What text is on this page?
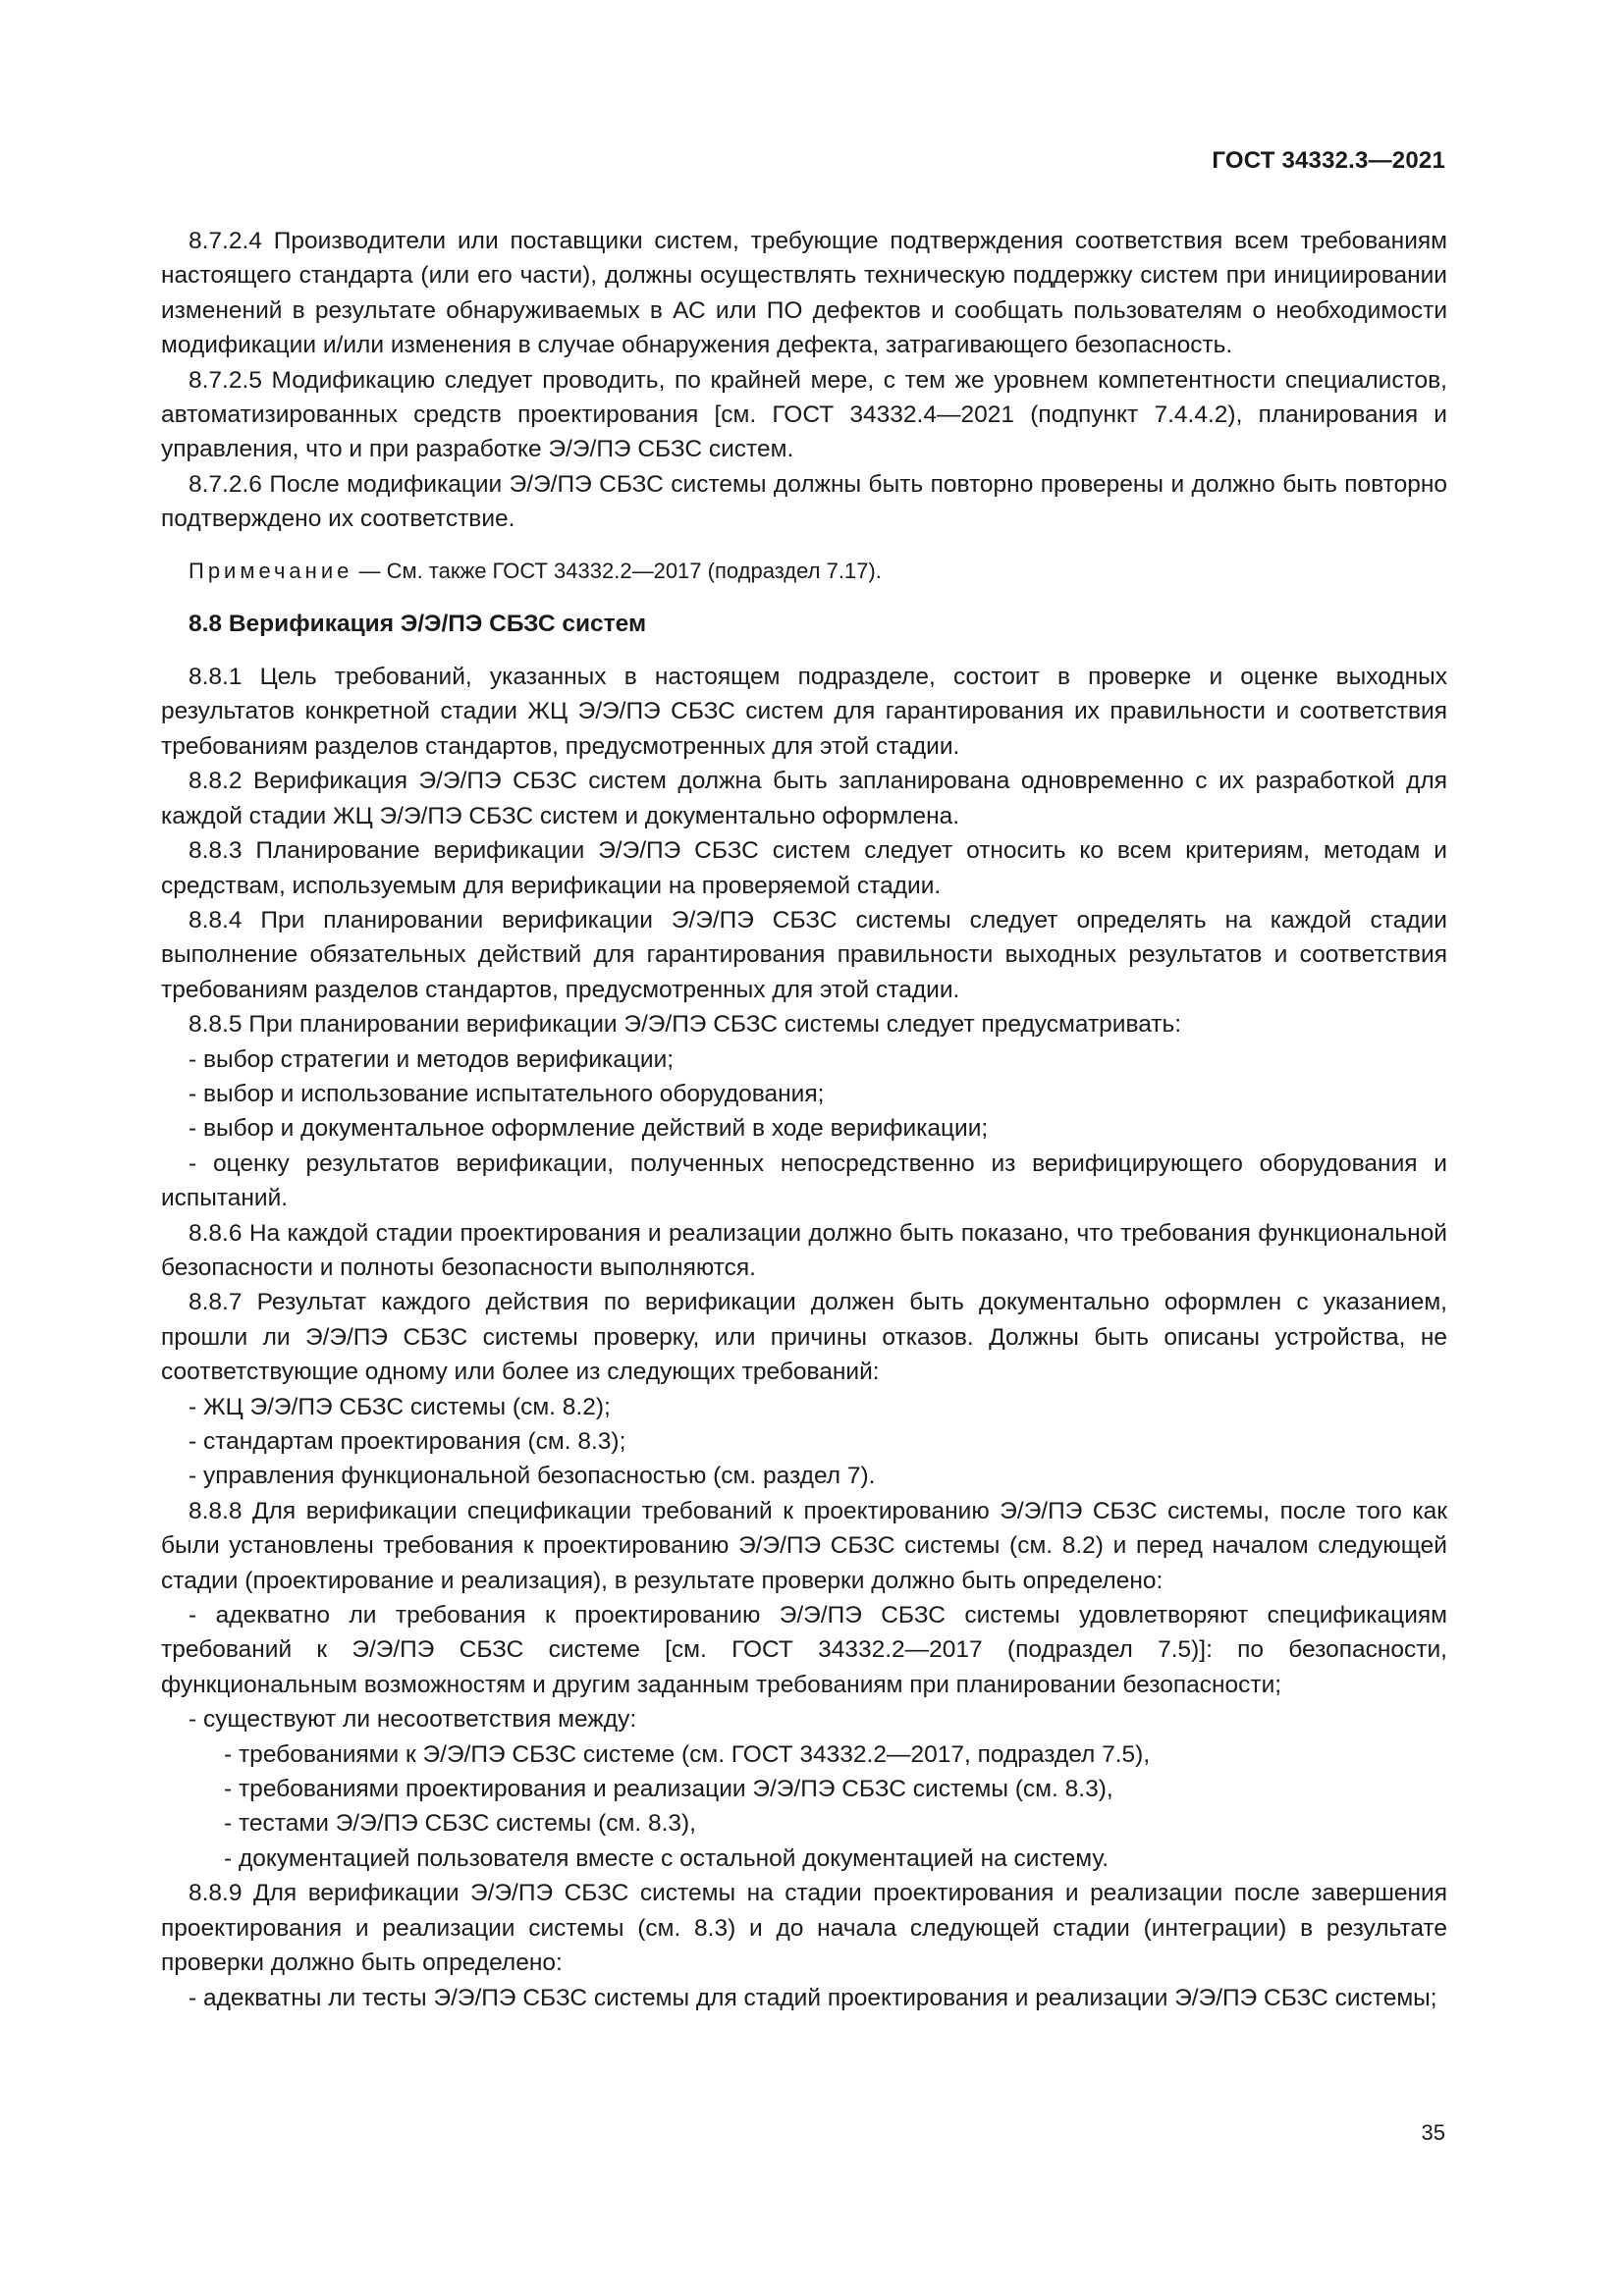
ГОСТ 34332.3—2021

8.7.2.4 Производители или поставщики систем, требующие подтверждения соответствия всем требованиям настоящего стандарта (или его части), должны осуществлять техническую поддержку систем при инициировании изменений в результате обнаруживаемых в АС или ПО дефектов и сообщать пользователям о необходимости модификации и/или изменения в случае обнаружения дефекта, затрагивающего безопасность.

8.7.2.5 Модификацию следует проводить, по крайней мере, с тем же уровнем компетентности специалистов, автоматизированных средств проектирования [см. ГОСТ 34332.4—2021 (подпункт 7.4.4.2), планирования и управления, что и при разработке Э/Э/ПЭ СБЗС систем.

8.7.2.6 После модификации Э/Э/ПЭ СБЗС системы должны быть повторно проверены и должно быть повторно подтверждено их соответствие.

Примечание — См. также ГОСТ 34332.2—2017 (подраздел 7.17).

8.8 Верификация Э/Э/ПЭ СБЗС систем

8.8.1 Цель требований, указанных в настоящем подразделе, состоит в проверке и оценке выходных результатов конкретной стадии ЖЦ Э/Э/ПЭ СБЗС систем для гарантирования их правильности и соответствия требованиям разделов стандартов, предусмотренных для этой стадии.

8.8.2 Верификация Э/Э/ПЭ СБЗС систем должна быть запланирована одновременно с их разработкой для каждой стадии ЖЦ Э/Э/ПЭ СБЗС систем и документально оформлена.

8.8.3 Планирование верификации Э/Э/ПЭ СБЗС систем следует относить ко всем критериям, методам и средствам, используемым для верификации на проверяемой стадии.

8.8.4 При планировании верификации Э/Э/ПЭ СБЗС системы следует определять на каждой стадии выполнение обязательных действий для гарантирования правильности выходных результатов и соответствия требованиям разделов стандартов, предусмотренных для этой стадии.

8.8.5 При планировании верификации Э/Э/ПЭ СБЗС системы следует предусматривать:

- выбор стратегии и методов верификации;

- выбор и использование испытательного оборудования;

- выбор и документальное оформление действий в ходе верификации;

- оценку результатов верификации, полученных непосредственно из верифицирующего оборудования и испытаний.

8.8.6 На каждой стадии проектирования и реализации должно быть показано, что требования функциональной безопасности и полноты безопасности выполняются.

8.8.7 Результат каждого действия по верификации должен быть документально оформлен с указанием, прошли ли Э/Э/ПЭ СБЗС системы проверку, или причины отказов. Должны быть описаны устройства, не соответствующие одному или более из следующих требований:

- ЖЦ Э/Э/ПЭ СБЗС системы (см. 8.2);

- стандартам проектирования (см. 8.3);

- управления функциональной безопасностью (см. раздел 7).

8.8.8 Для верификации спецификации требований к проектированию Э/Э/ПЭ СБЗС системы, после того как были установлены требования к проектированию Э/Э/ПЭ СБЗС системы (см. 8.2) и перед началом следующей стадии (проектирование и реализация), в результате проверки должно быть определено:

- адекватно ли требования к проектированию Э/Э/ПЭ СБЗС системы удовлетворяют спецификациям требований к Э/Э/ПЭ СБЗС системе [см. ГОСТ 34332.2—2017 (подраздел 7.5)]: по безопасности, функциональным возможностям и другим заданным требованиям при планировании безопасности;

- существуют ли несоответствия между:

- требованиями к Э/Э/ПЭ СБЗС системе (см. ГОСТ 34332.2—2017, подраздел 7.5),

- требованиями проектирования и реализации Э/Э/ПЭ СБЗС системы (см. 8.3),

- тестами Э/Э/ПЭ СБЗС системы (см. 8.3),

- документацией пользователя вместе с остальной документацией на систему.

8.8.9 Для верификации Э/Э/ПЭ СБЗС системы на стадии проектирования и реализации после завершения проектирования и реализации системы (см. 8.3) и до начала следующей стадии (интеграции) в результате проверки должно быть определено:

- адекватны ли тесты Э/Э/ПЭ СБЗС системы для стадий проектирования и реализации Э/Э/ПЭ СБЗС системы;

35
